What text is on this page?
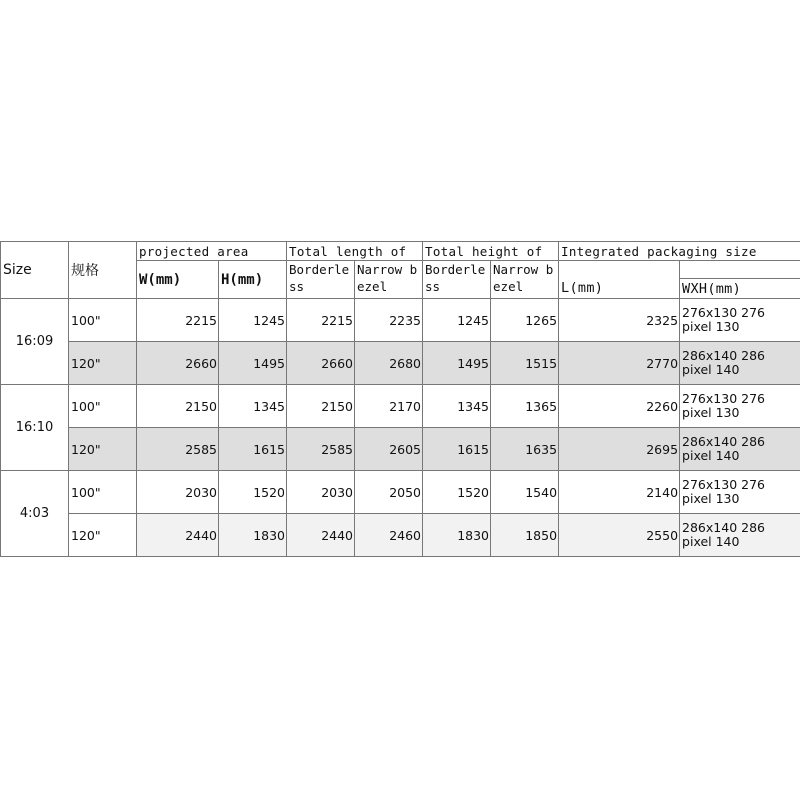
Size	规格	projected area		Total length of		Total height of		Integrated packaging size	
		W(mm)	H(mm)	Borderless	Narrow bezel	Borderless	Narrow bezel		
								L(mm)	WXH(mm)
16:09	100"	2215	1245	2215	2235	1245	1265	2325	276x130 276 pixel 130
	120"	2660	1495	2660	2680	1495	1515	2770	286x140 286 pixel 140
16:10	100"	2150	1345	2150	2170	1345	1365	2260	276x130 276 pixel 130
	120"	2585	1615	2585	2605	1615	1635	2695	286x140 286 pixel 140
4:03	100"	2030	1520	2030	2050	1520	1540	2140	276x130 276 pixel 130
	120"	2440	1830	2440	2460	1830	1850	2550	286x140 286 pixel 140
